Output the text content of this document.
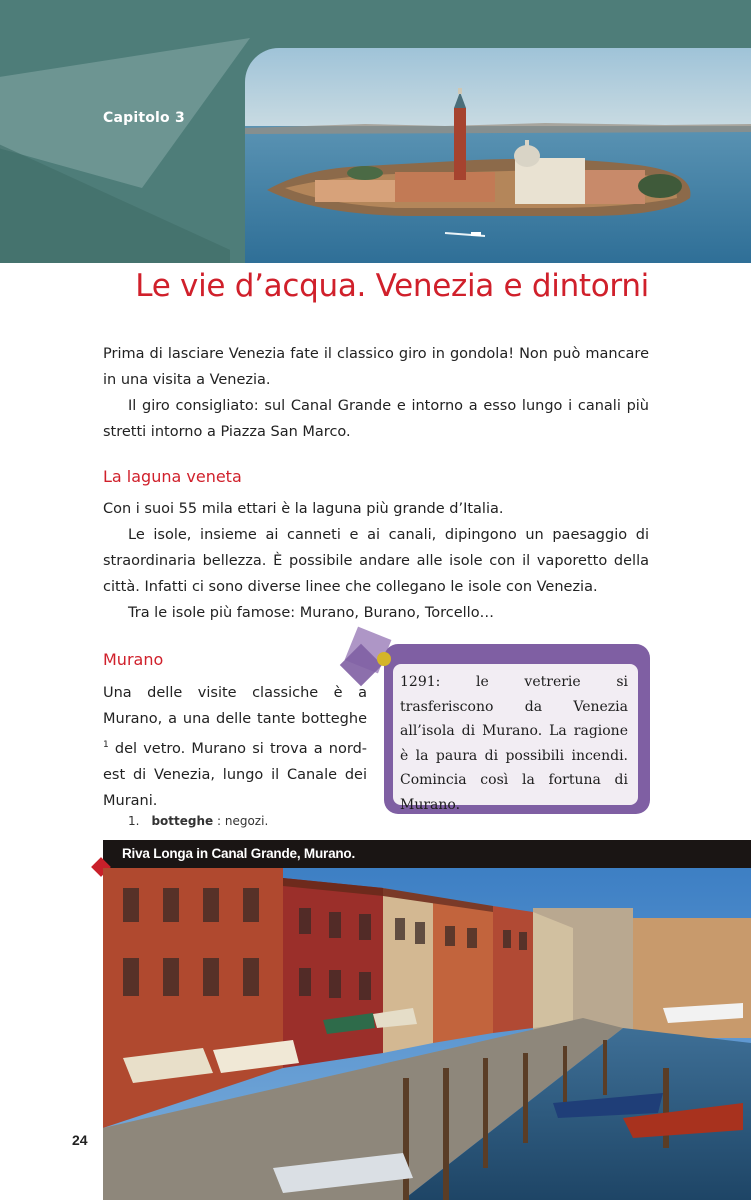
Capitolo 3
Le vie d’acqua. Venezia e dintorni

Prima di lasciare Venezia fate il classico giro in gondola! Non può mancare in una visita a Venezia.

Il giro consigliato: sul Canal Grande e intorno a esso lungo i canali più stretti intorno a Piazza San Marco.

La laguna veneta

Con i suoi 55 mila ettari è la laguna più grande d’Italia.

Le isole, insieme ai canneti e ai canali, dipingono un paesaggio di straordinaria bellezza. È possibile andare alle isole con il vaporetto della città. Infatti ci sono diverse linee che collegano le isole con Venezia.

Tra le isole più famose: Murano, Burano, Torcello…

Murano

Una delle visite classiche è a Murano, a una delle tante botteghe $^1$ del vetro. Murano si trova a nord-est di Venezia, lungo il Canale dei Murani.

1291: le vetrerie si trasferiscono da Venezia all’isola di Murano. La ragione è la paura di possibili incendi. Comincia così la fortuna di Murano.
1. botteghe : negozi.
Riva Longa in Canal Grande, Murano.
24
